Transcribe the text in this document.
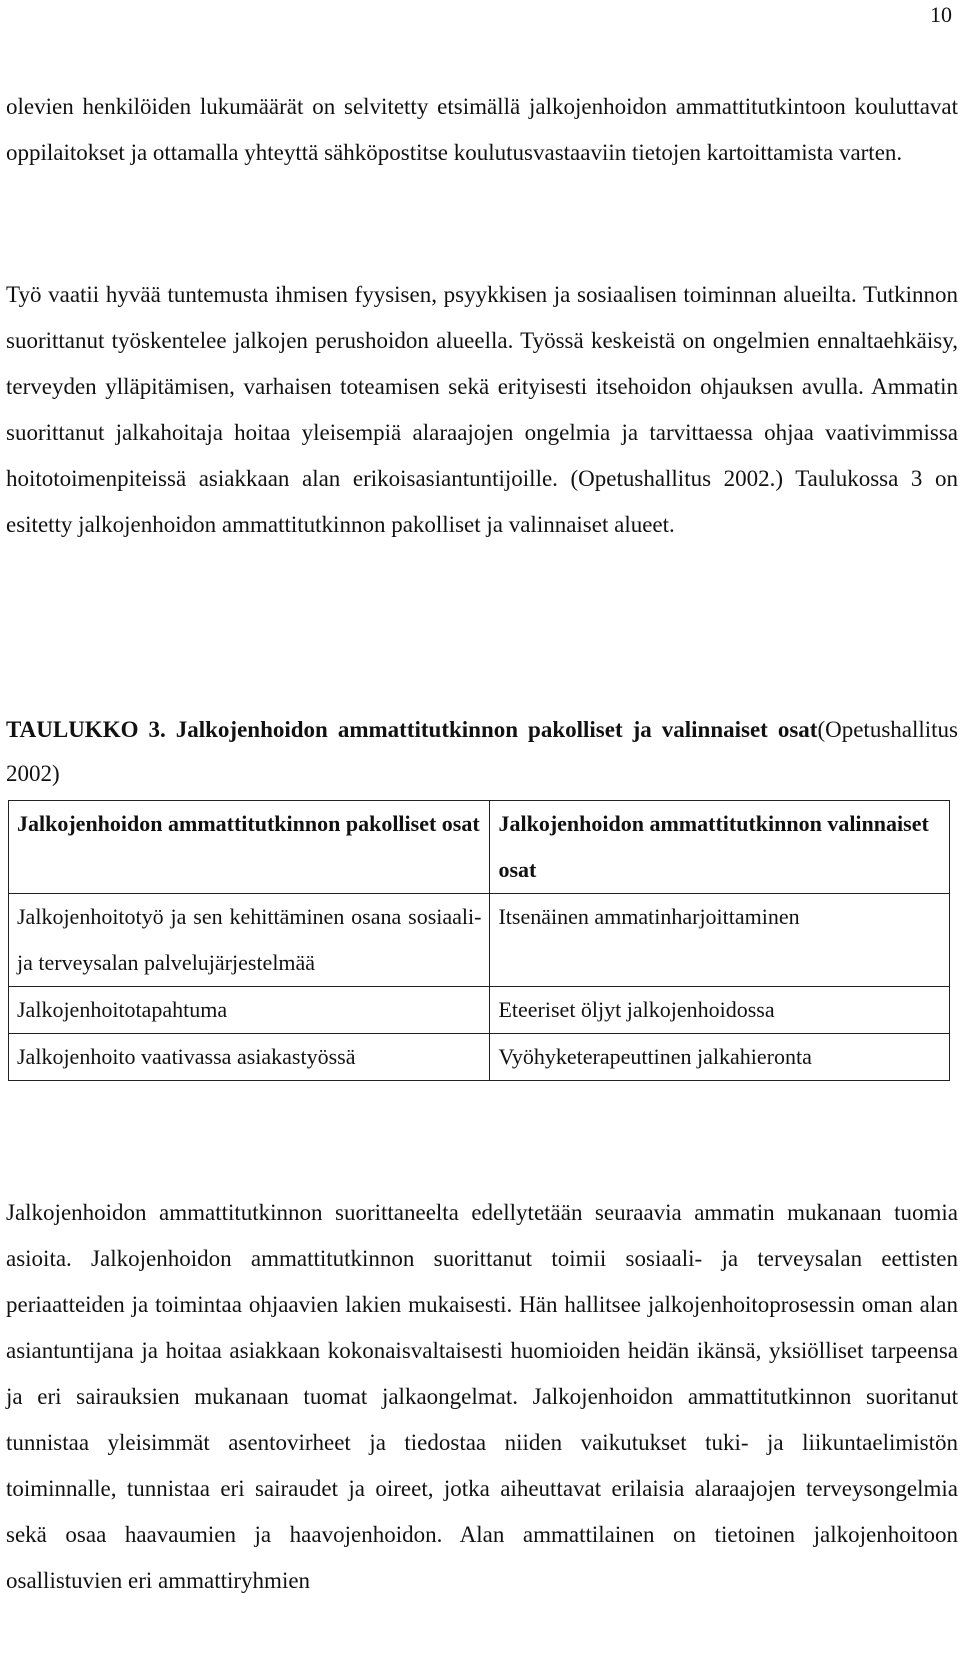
10

olevien henkilöiden lukumäärät on selvitetty etsimällä jalkojenhoidon ammattitutkintoon kouluttavat oppilaitokset ja ottamalla yhteyttä sähköpostitse koulutusvastaaviin tietojen kartoittamista varten.

Työ vaatii hyvää tuntemusta ihmisen fyysisen, psyykkisen ja sosiaalisen toiminnan alueilta. Tutkinnon suorittanut työskentelee jalkojen perushoidon alueella. Työssä keskeistä on ongelmien ennaltaehkäisy, terveyden ylläpitämisen, varhaisen toteamisen sekä erityisesti itsehoidon ohjauksen avulla. Ammatin suorittanut jalkahoitaja hoitaa yleisempiä alaraajojen ongelmia ja tarvittaessa ohjaa vaativimmissa hoitotoimenpiteissä asiakkaan alan erikoisasiantuntijoille. (Opetushallitus 2002.) Taulukossa 3 on esitetty jalkojenhoidon ammattitutkinnon pakolliset ja valinnaiset alueet.

TAULUKKO 3. Jalkojenhoidon ammattitutkinnon pakolliset ja valinnaiset osat(Opetushallitus 2002)

Jalkojenhoidon ammattitutkinnon pakolliset osat	Jalkojenhoidon ammattitutkinnon valinnaiset osat
Jalkojenhoitotyö ja sen kehittäminen osana sosiaali- ja terveysalan palvelujärjestelmää	Itsenäinen ammatinharjoittaminen
Jalkojenhoitotapahtuma	Eteeriset öljyt jalkojenhoidossa
Jalkojenhoito vaativassa asiakastyössä	Vyöhyketerapeuttinen jalkahieronta

Jalkojenhoidon ammattitutkinnon suorittaneelta edellytetään seuraavia ammatin mukanaan tuomia asioita. Jalkojenhoidon ammattitutkinnon suorittanut toimii sosiaali- ja terveysalan eettisten periaatteiden ja toimintaa ohjaavien lakien mukaisesti. Hän hallitsee jalkojenhoitoprosessin oman alan asiantuntijana ja hoitaa asiakkaan kokonaisvaltaisesti huomioiden heidän ikänsä, yksiölliset tarpeensa ja eri sairauksien mukanaan tuomat jalkaongelmat. Jalkojenhoidon ammattitutkinnon suoritanut tunnistaa yleisimmät asentovirheet ja tiedostaa niiden vaikutukset tuki- ja liikuntaelimistön toiminnalle, tunnistaa eri sairaudet ja oireet, jotka aiheuttavat erilaisia alaraajojen terveysongelmia sekä osaa haavaumien ja haavojenhoidon. Alan ammattilainen on tietoinen jalkojenhoitoon osallistuvien eri ammattiryhmien
